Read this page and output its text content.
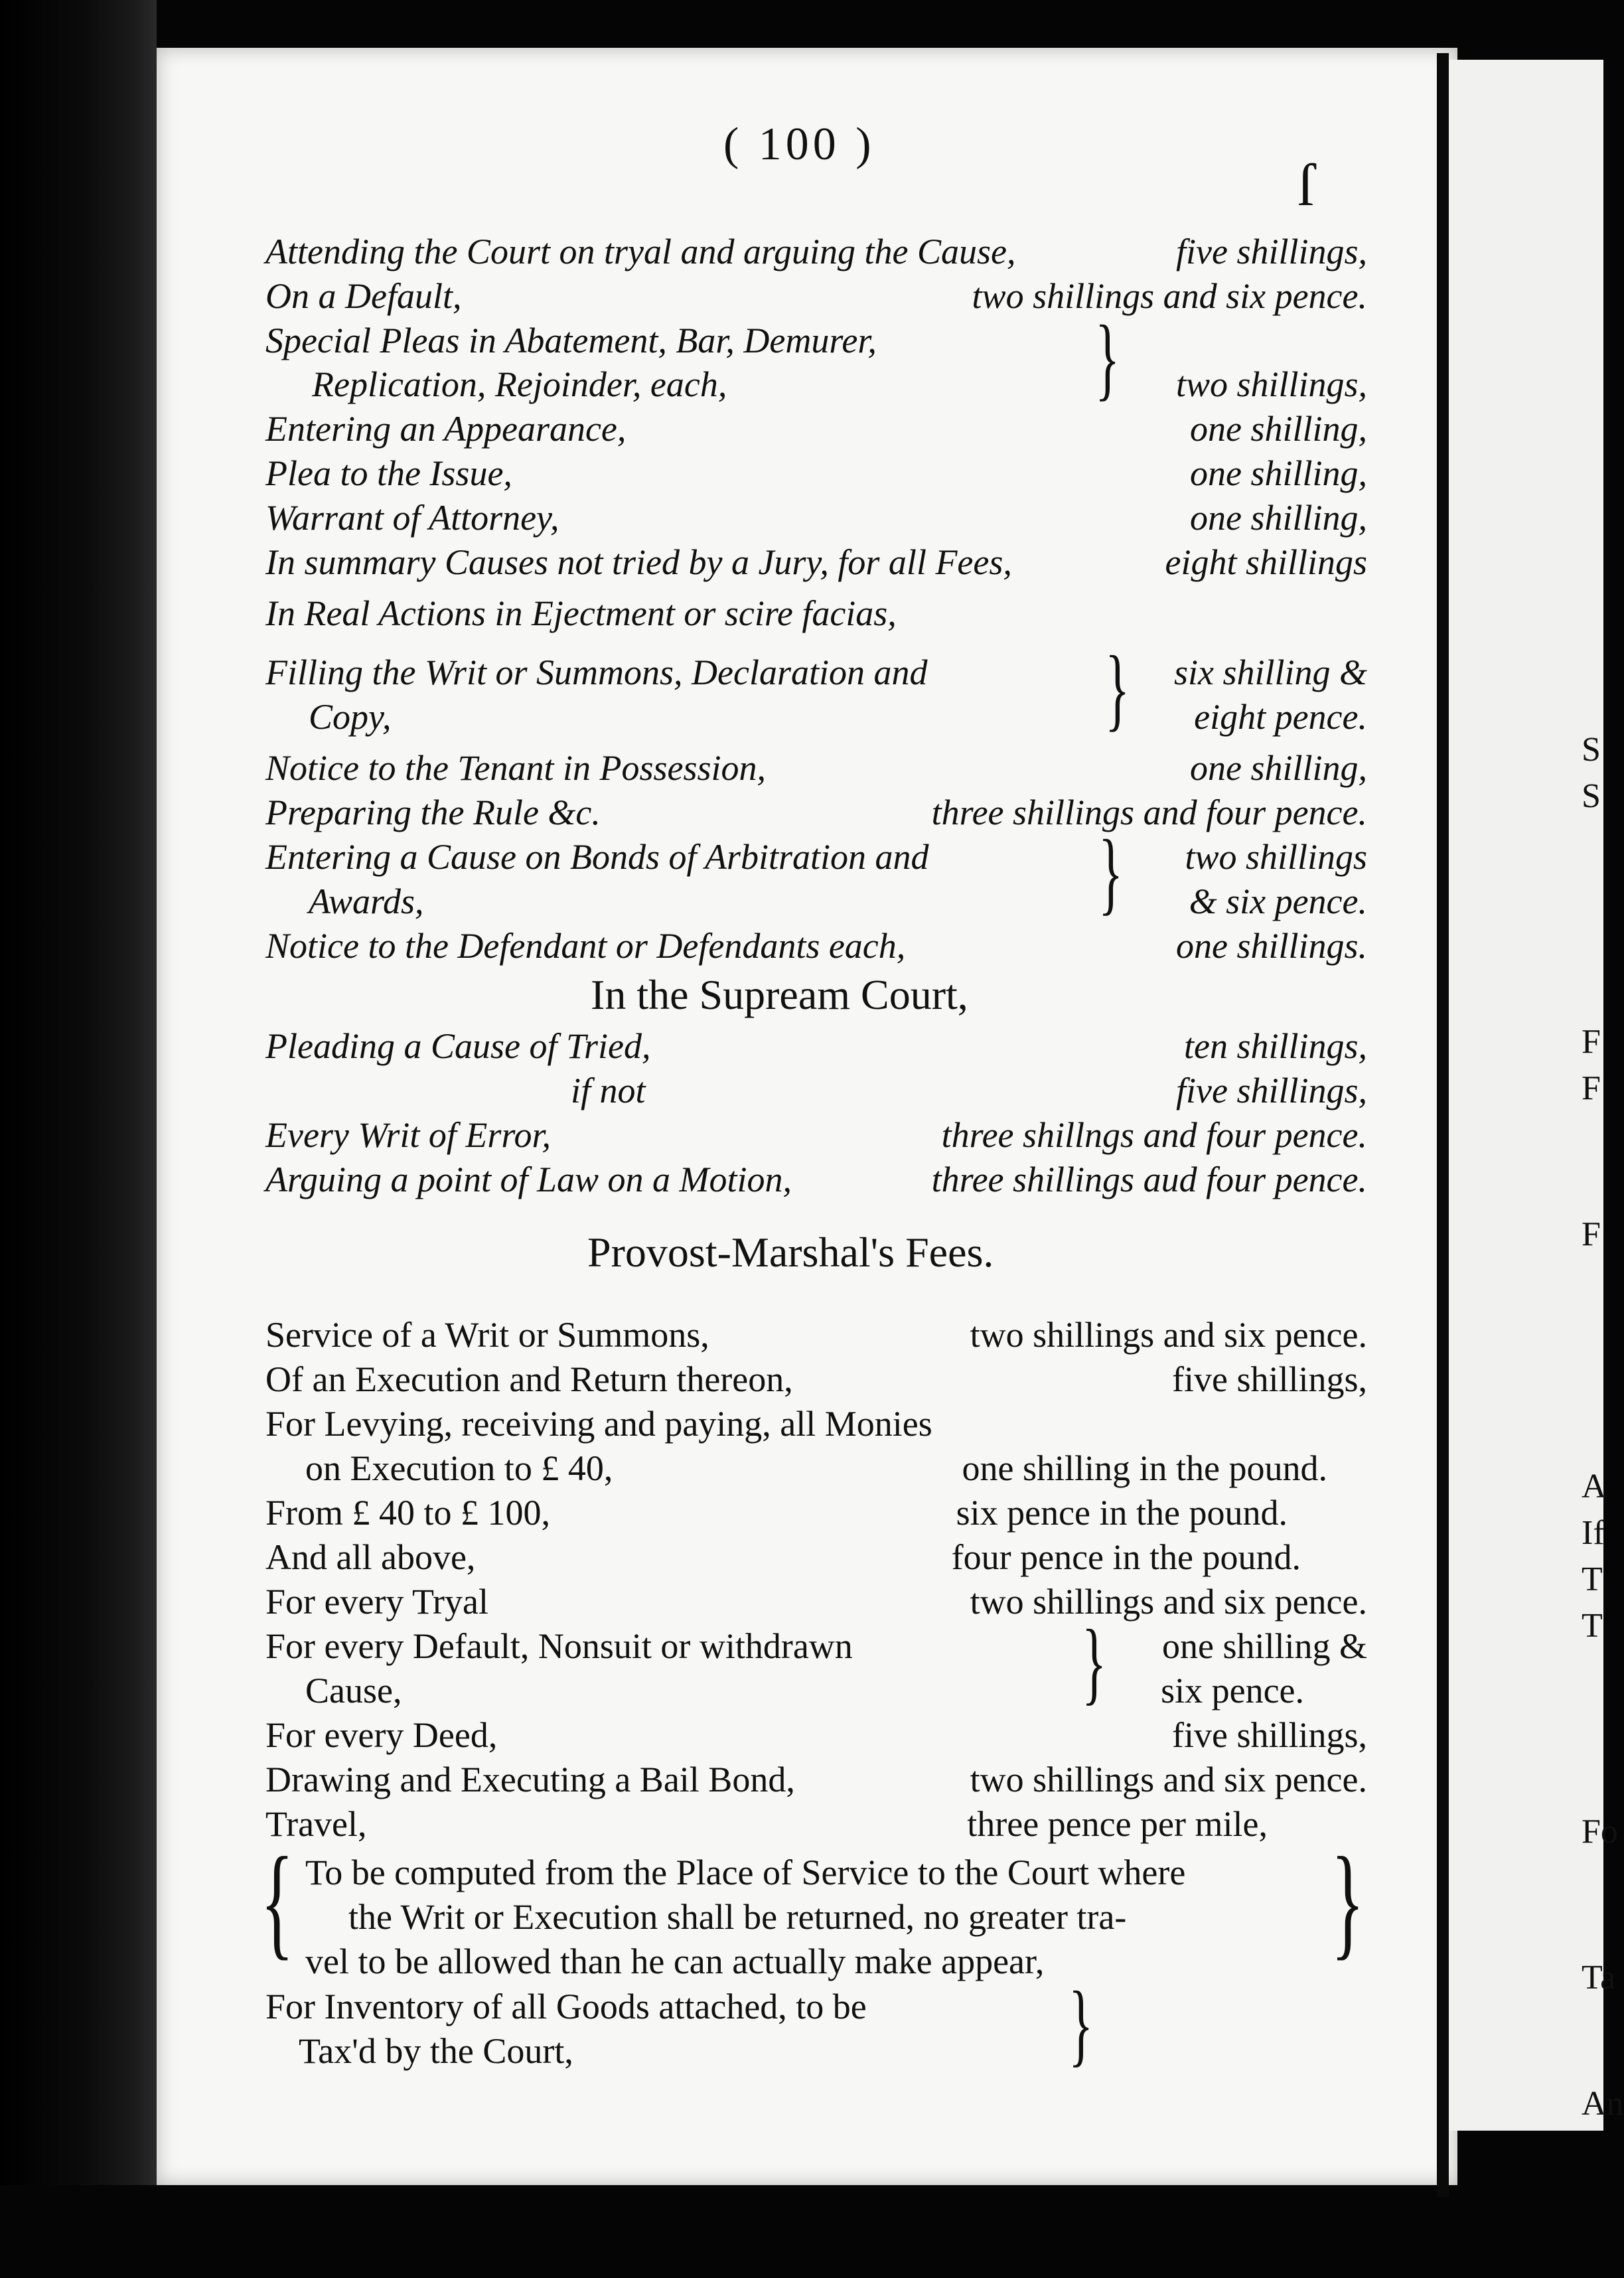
S
S
F
F
F
A
If
T
T
Fo
Ta
An
( 100 )
ſ
Attending the Court on tryal and arguing the Cause,	five shillings,
On a Default,	two shillings and six pence.
Special Pleas in Abatement, Bar, Demurer,
Replication, Rejoinder, each,	two shillings,
}
Entering an Appearance,	one shilling,
Plea to the Issue,	one shilling,
Warrant of Attorney,	one shilling,
In summary Causes not tried by a Jury, for all Fees,	eight shillings
In Real Actions in Ejectment or scire facias,
Filling the Writ or Summons, Declaration and	six shilling &
Copy,	eight pence.
}
Notice to the Tenant in Possession,	one shilling,
Preparing the Rule &c.	three shillings and four pence.
Entering a Cause on Bonds of Arbitration and	two shillings
Awards,	& six pence.
}
Notice to the Defendant or Defendants each,	one shillings.
In the Supream Court,
Pleading a Cause of Tried,	ten shillings,
if not	five shillings,
Every Writ of Error,	three shillngs and four pence.
Arguing a point of Law on a Motion,	three shillings aud four pence.
Provost-Marshal's Fees.
Service of a Writ or Summons,	two shillings and six pence.
Of an Execution and Return thereon,	five shillings,
For Levying, receiving and paying, all Monies
on Execution to £ 40,	one shilling in the pound.
From £ 40 to £ 100,	six pence in the pound.
And all above,	four pence in the pound.
For every Tryal	two shillings and six pence.
For every Default, Nonsuit or withdrawn	one shilling &
Cause,	six pence.
}
For every Deed,	five shillings,
Drawing and Executing a Bail Bond,	two shillings and six pence.
Travel,	three pence per mile,
{ To be computed from the Place of Service to the Court where
the Writ or Execution shall be returned, no greater tra-
vel to be allowed than he can actually make appear,	}
For Inventory of all Goods attached, to be
Tax'd by the Court,	}
